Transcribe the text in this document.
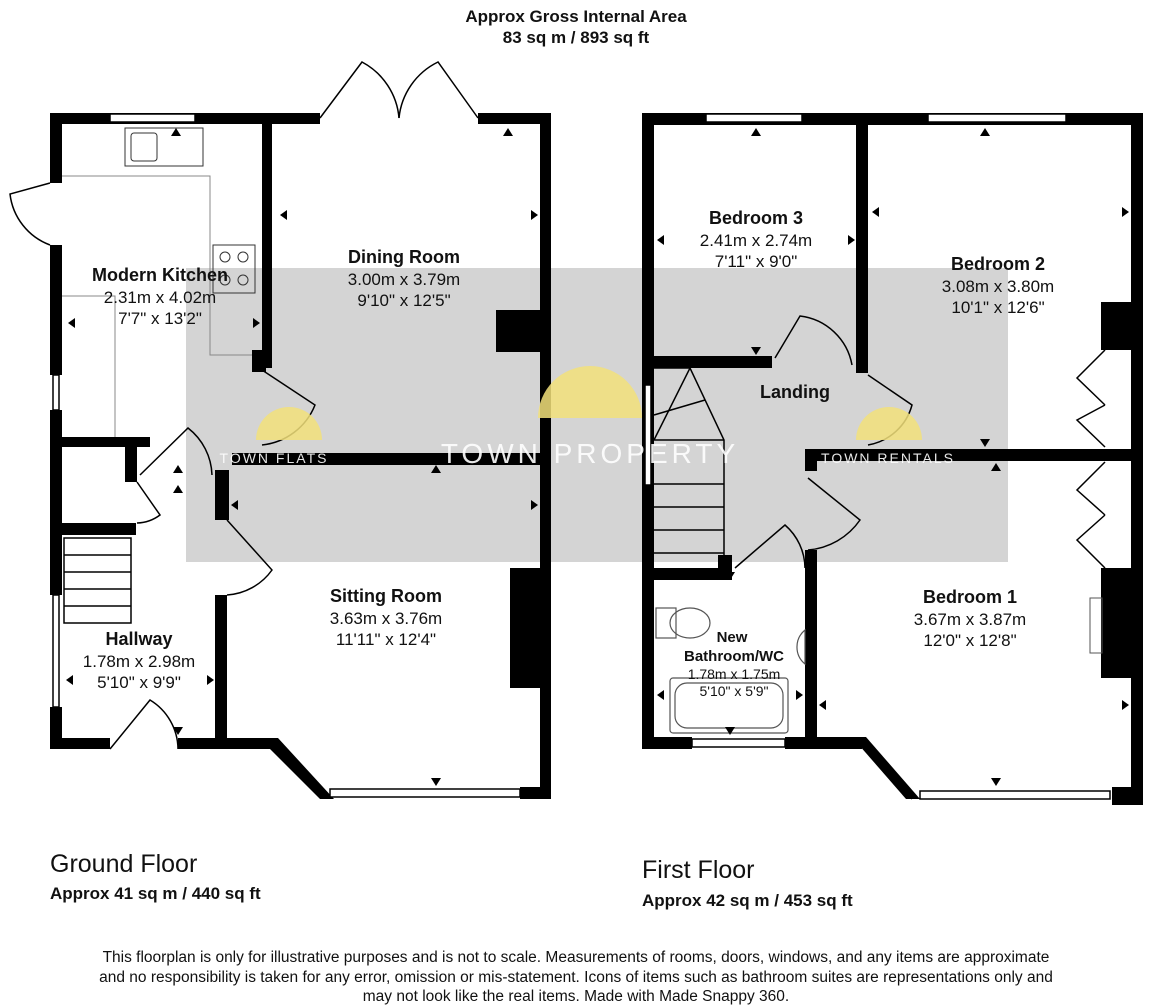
Approx Gross Internal Area
83 sq m / 893 sq ft
TOWN PROPERTY
TOWN FLATS	TOWN RENTALS
Modern Kitchen
2.31m x 4.02m
7'7" x 13'2"
Dining Room
3.00m x 3.79m
9'10" x 12'5"
Sitting Room
3.63m x 3.76m
11'11" x 12'4"
Hallway
1.78m x 2.98m
5'10" x 9'9"
Bedroom 3
2.41m x 2.74m
7'11" x 9'0"	Bedroom 2
3.08m x 3.80m
10'1" x 12'6"
Landing
Bedroom 1
3.67m x 3.87m
12'0" x 12'8"
New
Bathroom/WC
1.78m x 1.75m
5'10" x 5'9"
Ground Floor
Approx 41 sq m / 440 sq ft
First Floor
Approx 42 sq m / 453 sq ft
This floorplan is only for illustrative purposes and is not to scale. Measurements of rooms, doors, windows, and any items are approximate
and no responsibility is taken for any error, omission or mis-statement. Icons of items such as bathroom suites are representations only and
may not look like the real items. Made with Made Snappy 360.
